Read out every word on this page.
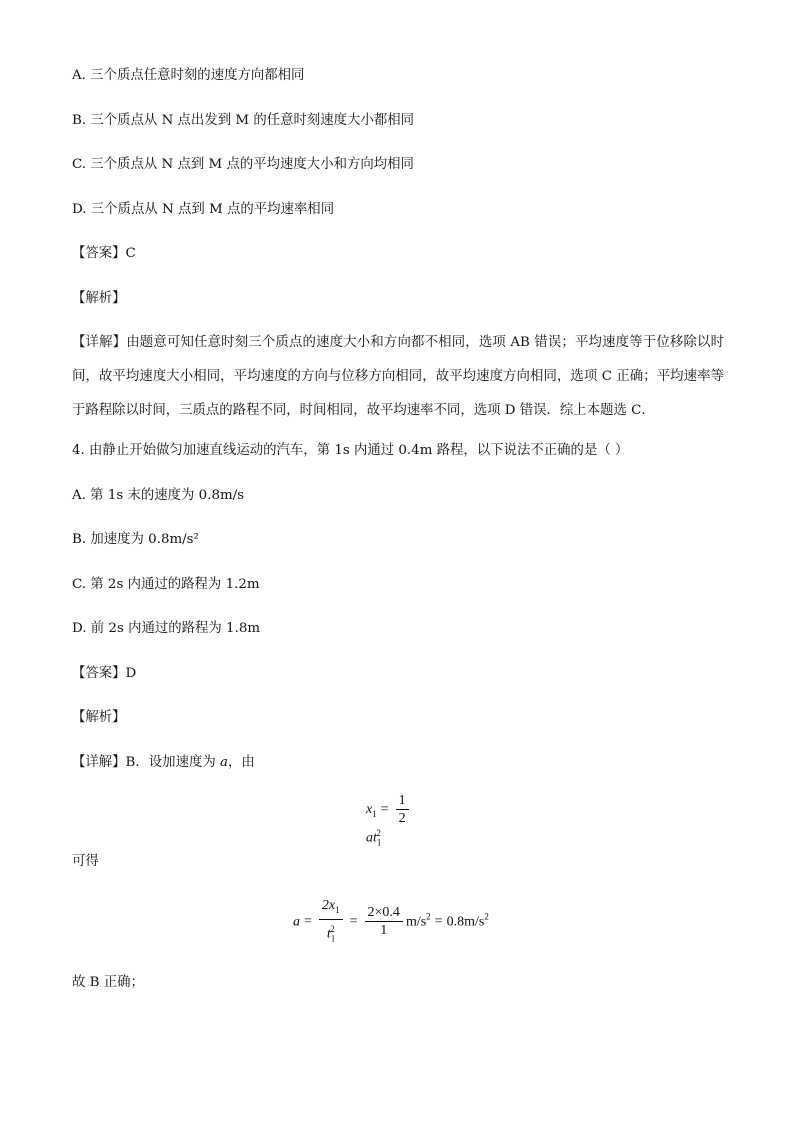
A. 三个质点任意时刻的速度方向都相同
B. 三个质点从 N 点出发到 M 的任意时刻速度大小都相同
C. 三个质点从 N 点到 M 点的平均速度大小和方向均相同
D. 三个质点从 N 点到 M 点的平均速率相同
【答案】C
【解析】
【详解】由题意可知任意时刻三个质点的速度大小和方向都不相同，选项 AB 错误；平均速度等于位移除以时间，故平均速度大小相同，平均速度的方向与位移方向相同，故平均速度方向相同，选项 C 正确；平均速率等于路程除以时间，三质点的路程不同，时间相同，故平均速率不同，选项 D 错误．综上本题选 C．
4. 由静止开始做匀加速直线运动的汽车，第 1s 内通过 0.4m 路程，以下说法不正确的是（ ）
A. 第 1s 末的速度为 0.8m/s
B. 加速度为 0.8m/s²
C. 第 2s 内通过的路程为 1.2m
D. 前 2s 内通过的路程为 1.8m
【答案】D
【解析】
【详解】B．设加速度为 a，由
$x_1 = \frac{1}{2}$
$at_1^2$
可得
$a = \frac{2x_1}{t_1^2} = \frac{2\times 0.4}{1} m/s^2 = 0.8m/s^2$
故 B 正确；
